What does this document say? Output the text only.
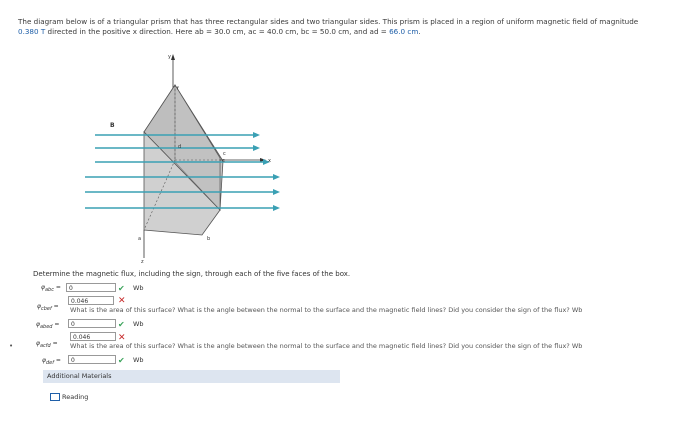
The diagram below is of a triangular prism that has three rectangular sides and two triangular sides. This prism is placed in a region of uniform magnetic field of magnitude
0.380 T directed in the positive x direction. Here ab = 30.0 cm, ac = 40.0 cm, bc = 50.0 cm, and ad = 66.0 cm.
y
x
z
B
a	b
c
d
e
f
Determine the magnetic flux, including the sign, through each of the five faces of the box.
$\varphi_{abc}$ =	0	✔ Wb
$\varphi_{cbef}$ =
0.046	✕
What is the area of this surface? What is the angle between the normal to the surface and the magnetic field lines? Did you consider the sign of the flux? Wb
$\varphi_{abed}$ =	0	✔ Wb
•	$\varphi_{acfd}$ =
0.046	✕
What is the area of this surface? What is the angle between the normal to the surface and the magnetic field lines? Did you consider the sign of the flux? Wb
$\varphi_{def}$ =	0	✔ Wb
Additional Materials
Reading
